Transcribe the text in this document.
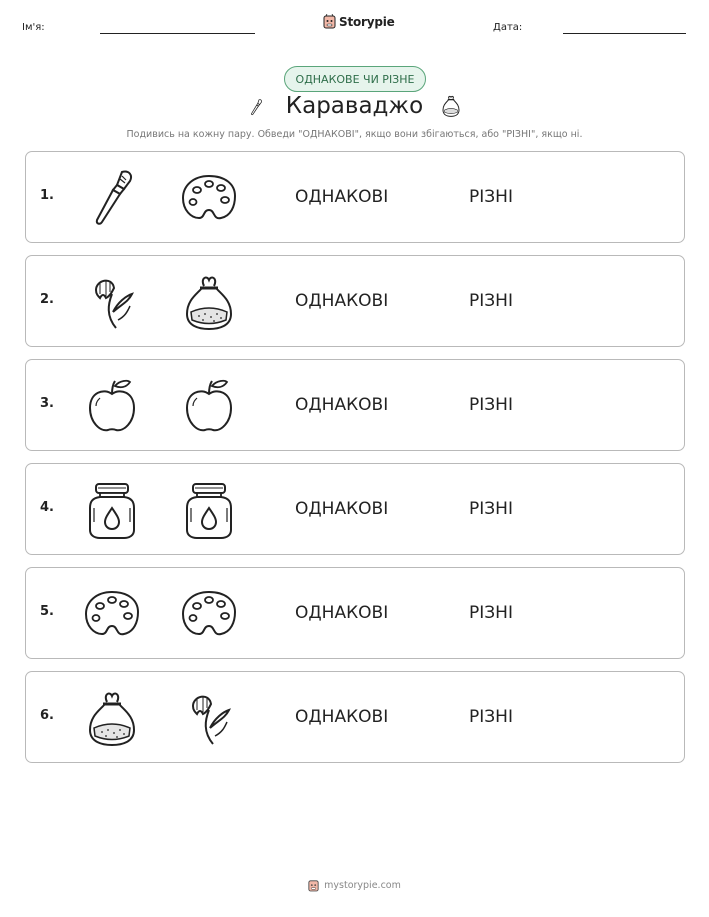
Ім'я:	Storypie	Дата:
ОДНАКОВЕ ЧИ РІЗНЕ
Караваджо
Подивись на кожну пару. Обведи "ОДНАКОВІ", якщо вони збігаються, або "РІЗНІ", якщо ні.
1.	ОДНАКОВІ	РІЗНІ
2.	ОДНАКОВІ	РІЗНІ
3.	ОДНАКОВІ	РІЗНІ
4.	ОДНАКОВІ	РІЗНІ
5.	ОДНАКОВІ	РІЗНІ
6.	ОДНАКОВІ	РІЗНІ
mystorypie.com
